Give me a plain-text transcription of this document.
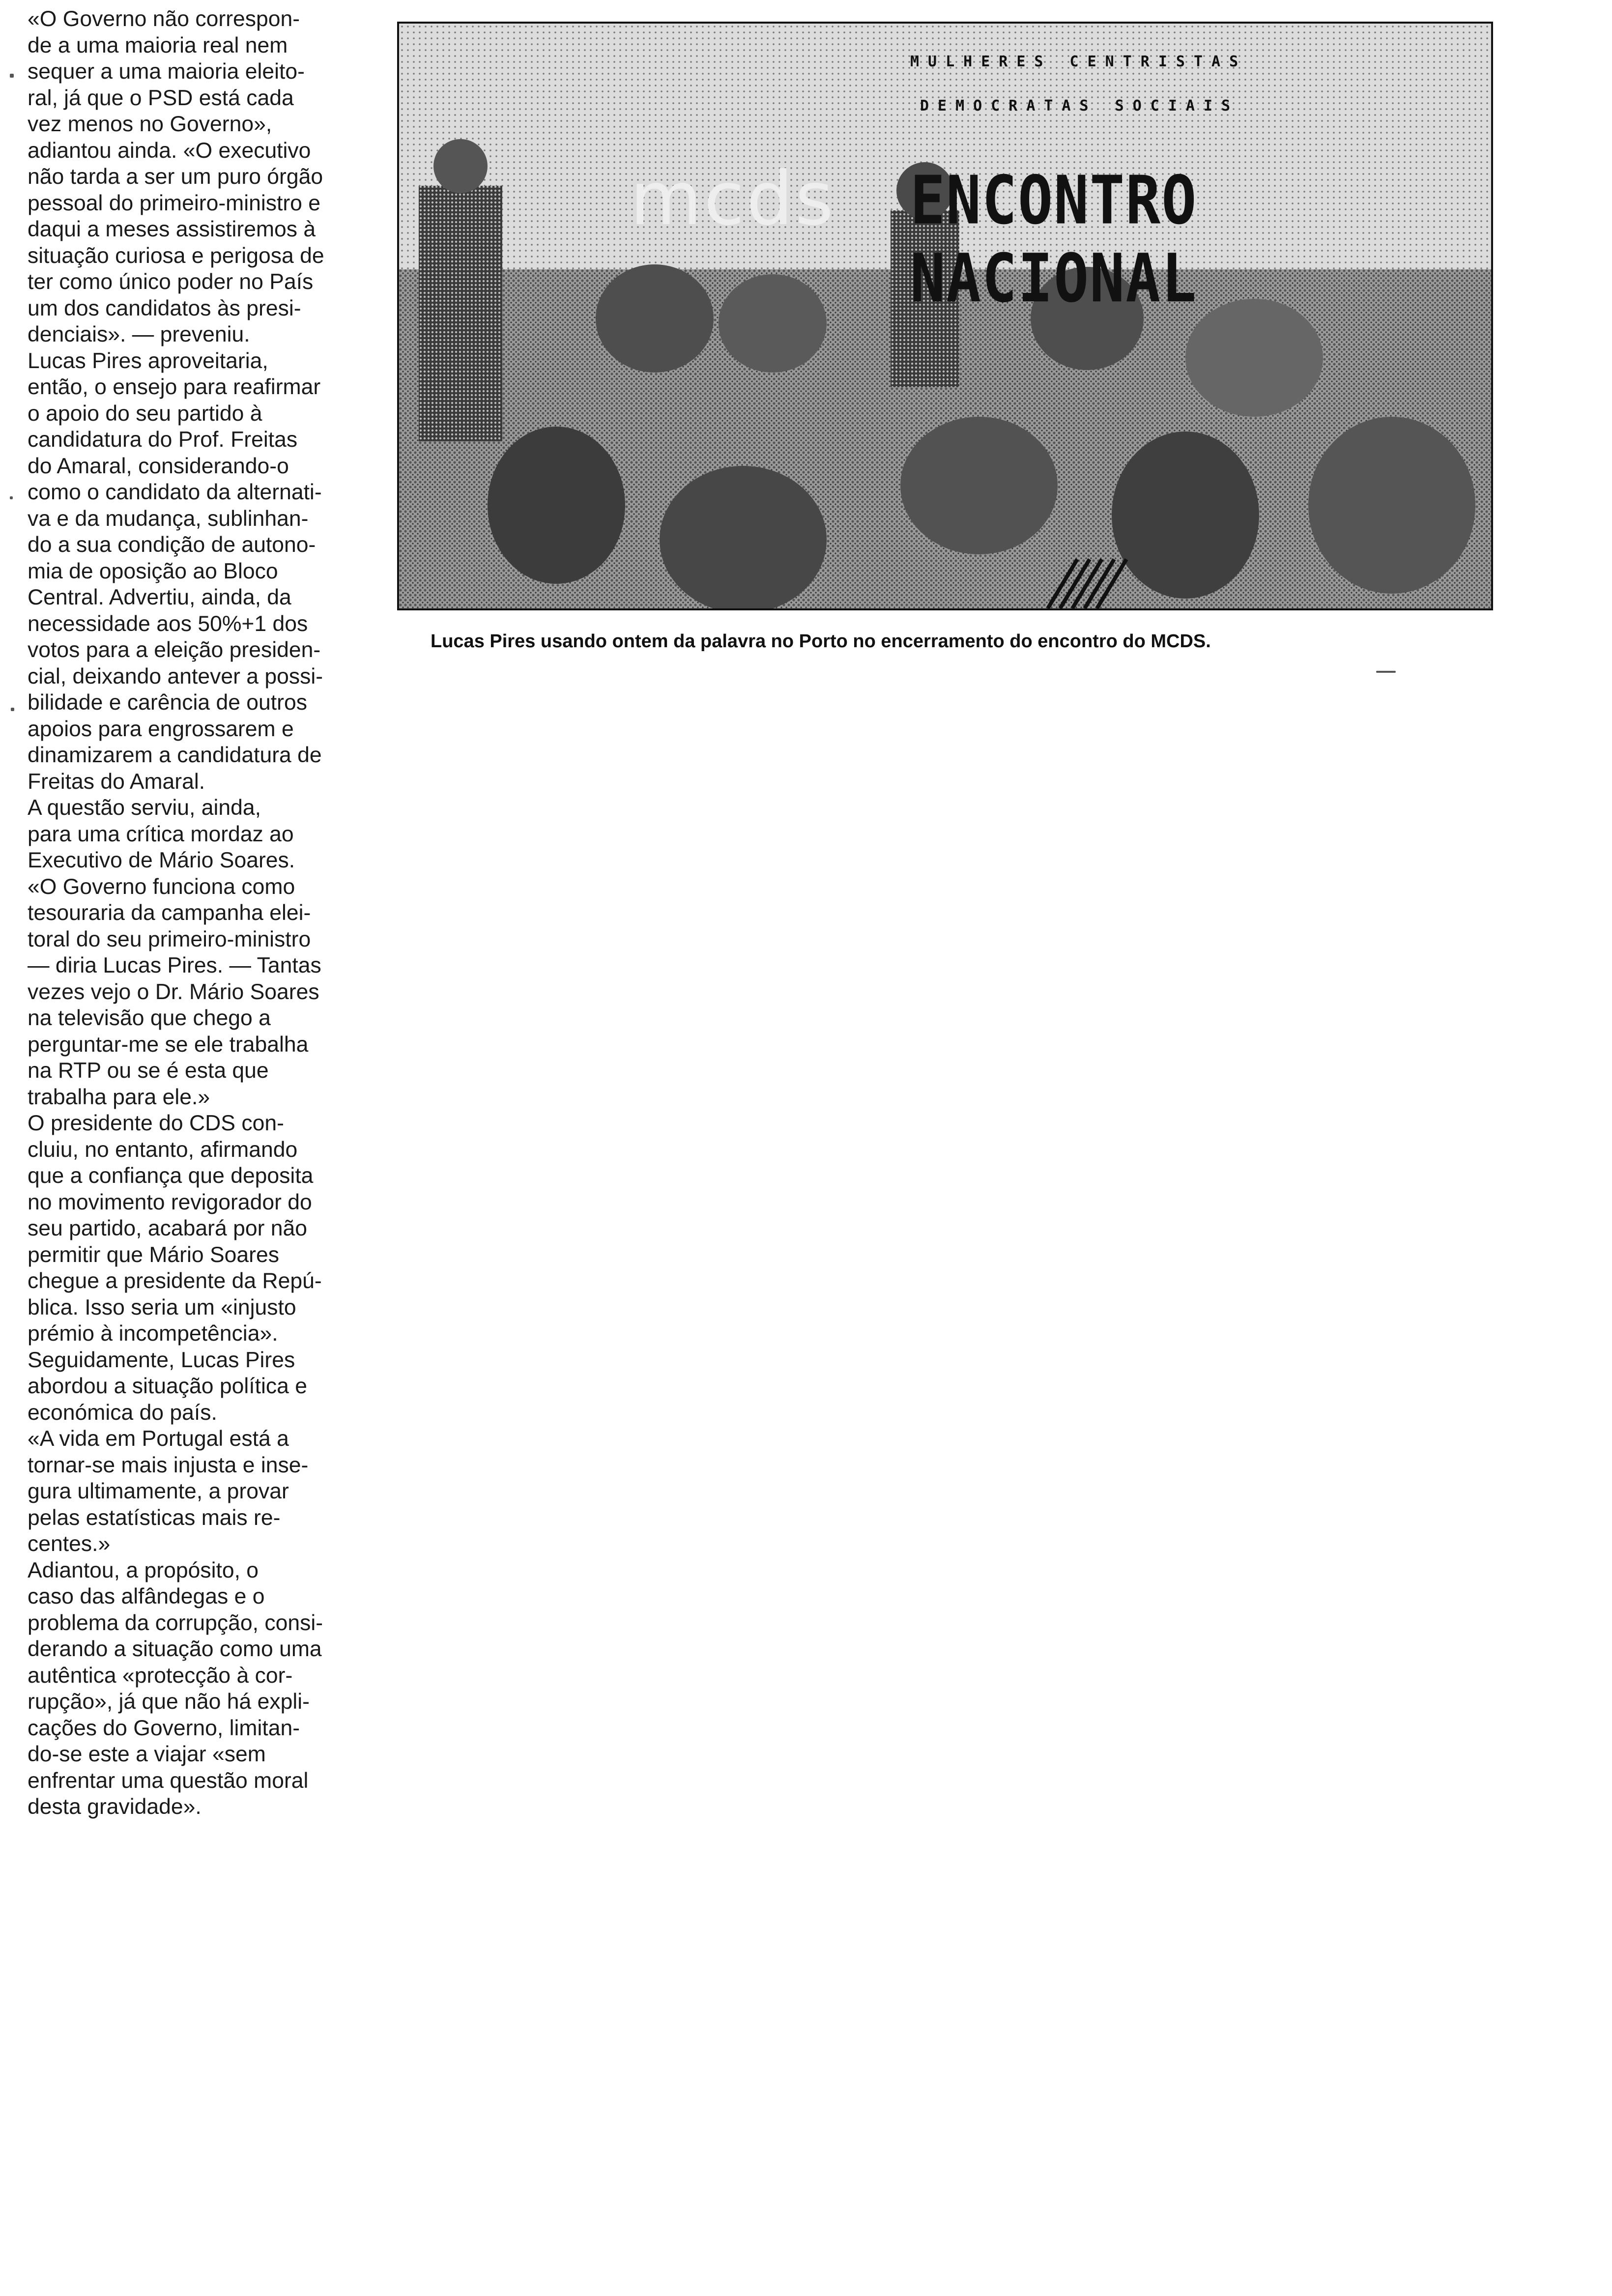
«O Governo não correspon-
de a uma maioria real nem
sequer a uma maioria eleito-
ral, já que o PSD está cada
vez menos no Governo»,
adiantou ainda. «O executivo
não tarda a ser um puro órgão
pessoal do primeiro-ministro e
daqui a meses assistiremos à
situação curiosa e perigosa de
ter como único poder no País
um dos candidatos às presi-
denciais». — preveniu.
Lucas Pires aproveitaria,
então, o ensejo para reafirmar
o apoio do seu partido à
candidatura do Prof. Freitas
do Amaral, considerando-o
como o candidato da alternati-
va e da mudança, sublinhan-
do a sua condição de autono-
mia de oposição ao Bloco
Central. Advertiu, ainda, da
necessidade aos 50%+1 dos
votos para a eleição presiden-
cial, deixando antever a possi-
bilidade e carência de outros
apoios para engrossarem e
dinamizarem a candidatura de
Freitas do Amaral.
A questão serviu, ainda,
para uma crítica mordaz ao
Executivo de Mário Soares.
«O Governo funciona como
tesouraria da campanha elei-
toral do seu primeiro-ministro
— diria Lucas Pires. — Tantas
vezes vejo o Dr. Mário Soares
na televisão que chego a
perguntar-me se ele trabalha
na RTP ou se é esta que
trabalha para ele.»
O presidente do CDS con-
cluiu, no entanto, afirmando
que a confiança que deposita
no movimento revigorador do
seu partido, acabará por não
permitir que Mário Soares
chegue a presidente da Repú-
blica. Isso seria um «injusto
prémio à incompetência».
Seguidamente, Lucas Pires
abordou a situação política e
económica do país.
«A vida em Portugal está a
tornar-se mais injusta e inse-
gura ultimamente, a provar
pelas estatísticas mais re-
centes.»
Adiantou, a propósito, o
caso das alfândegas e o
problema da corrupção, consi-
derando a situação como uma
autêntica «protecção à cor-
rupção», já que não há expli-
cações do Governo, limitan-
do-se este a viajar «sem
enfrentar uma questão moral
desta gravidade».
MULHERES CENTRISTAS
DEMOCRATAS SOCIAIS
mcds ENCONTRO NACIONAL
Lucas Pires usando ontem da palavra no Porto no encerramento do encontro do MCDS.
